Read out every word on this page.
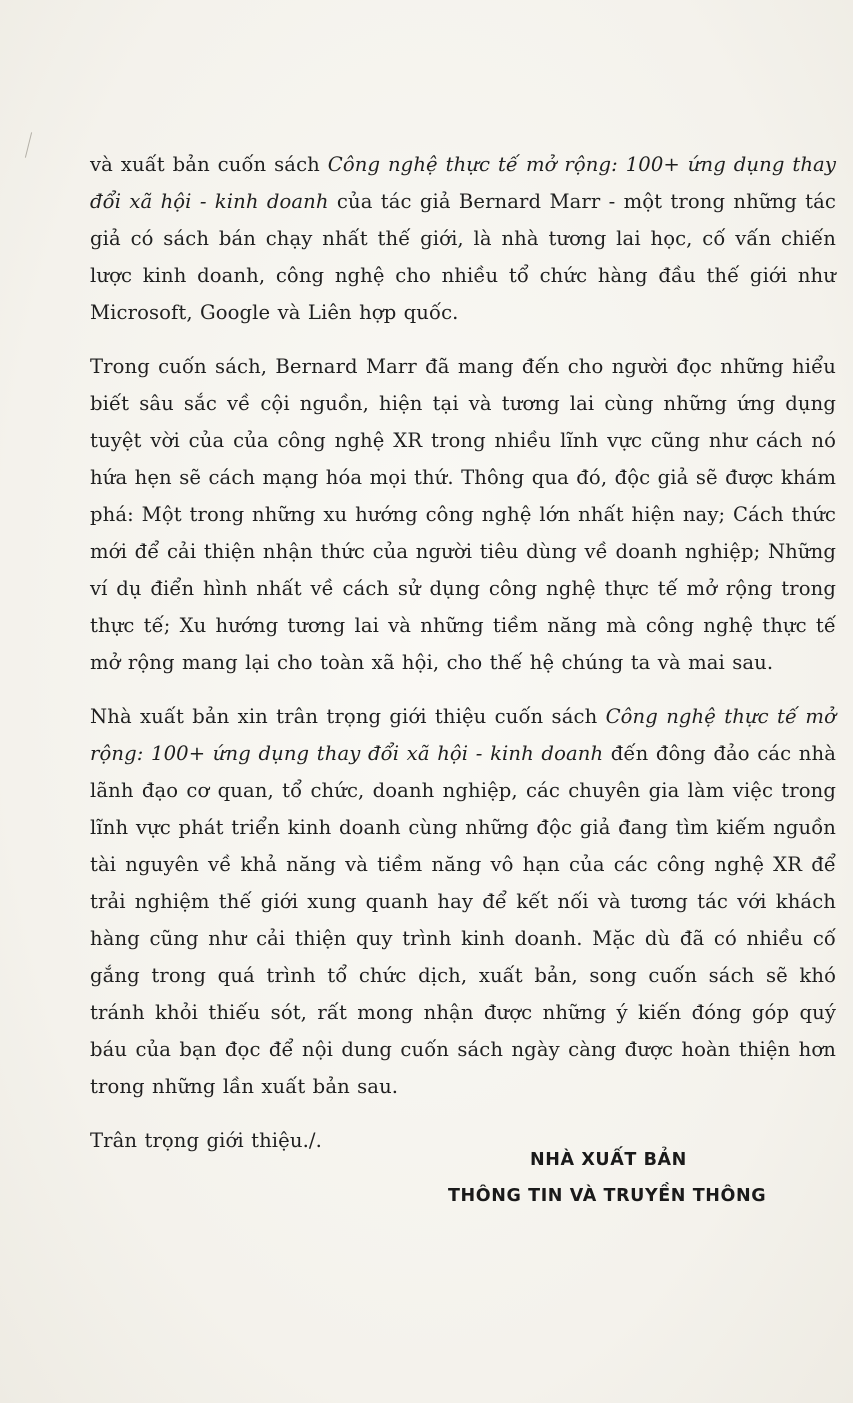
và xuất bản cuốn sách Công nghệ thực tế mở rộng: 100+ ứng dụng thay đổi xã hội - kinh doanh của tác giả Bernard Marr - một trong những tác giả có sách bán chạy nhất thế giới, là nhà tương lai học, cố vấn chiến lược kinh doanh, công nghệ cho nhiều tổ chức hàng đầu thế giới như Microsoft, Google và Liên hợp quốc.

Trong cuốn sách, Bernard Marr đã mang đến cho người đọc những hiểu biết sâu sắc về cội nguồn, hiện tại và tương lai cùng những ứng dụng tuyệt vời của của công nghệ XR trong nhiều lĩnh vực cũng như cách nó hứa hẹn sẽ cách mạng hóa mọi thứ. Thông qua đó, độc giả sẽ được khám phá: Một trong những xu hướng công nghệ lớn nhất hiện nay; Cách thức mới để cải thiện nhận thức của người tiêu dùng về doanh nghiệp; Những ví dụ điển hình nhất về cách sử dụng công nghệ thực tế mở rộng trong thực tế; Xu hướng tương lai và những tiềm năng mà công nghệ thực tế mở rộng mang lại cho toàn xã hội, cho thế hệ chúng ta và mai sau.

Nhà xuất bản xin trân trọng giới thiệu cuốn sách Công nghệ thực tế mở rộng: 100+ ứng dụng thay đổi xã hội - kinh doanh đến đông đảo các nhà lãnh đạo cơ quan, tổ chức, doanh nghiệp, các chuyên gia làm việc trong lĩnh vực phát triển kinh doanh cùng những độc giả đang tìm kiếm nguồn tài nguyên về khả năng và tiềm năng vô hạn của các công nghệ XR để trải nghiệm thế giới xung quanh hay để kết nối và tương tác với khách hàng cũng như cải thiện quy trình kinh doanh. Mặc dù đã có nhiều cố gắng trong quá trình tổ chức dịch, xuất bản, song cuốn sách sẽ khó tránh khỏi thiếu sót, rất mong nhận được những ý kiến đóng góp quý báu của bạn đọc để nội dung cuốn sách ngày càng được hoàn thiện hơn trong những lần xuất bản sau.

Trân trọng giới thiệu./.

NHÀ XUẤT BẢN
THÔNG TIN VÀ TRUYỀN THÔNG
